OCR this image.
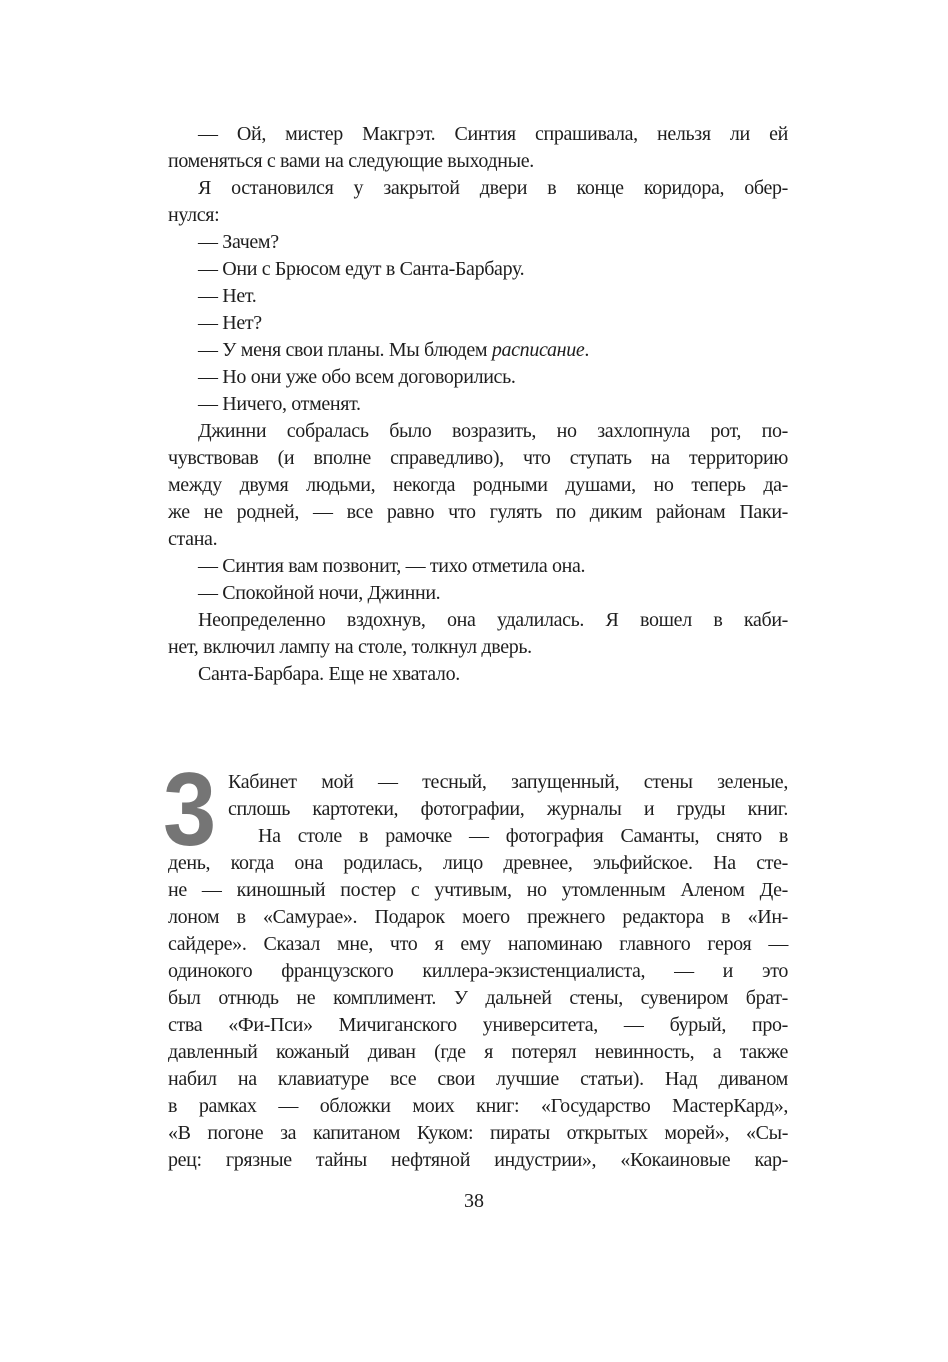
— Ой, мистер Макгрэт. Синтия спрашивала, нельзя ли ей
поменяться с вами на следующие выходные.
Я остановился у закрытой двери в конце коридора, обер-
нулся:
— Зачем?
— Они с Брюсом едут в Санта-Барбару.
— Нет.
— Нет?
— У меня свои планы. Мы блюдем расписание.
— Но они уже обо всем договорились.
— Ничего, отменят.
Джинни собралась было возразить, но захлопнула рот, по-
чувствовав (и вполне справедливо), что ступать на территорию
между двумя людьми, некогда родными душами, но теперь да-
же не родней, — все равно что гулять по диким районам Паки-
стана.
— Синтия вам позвонит, — тихо отметила она.
— Спокойной ночи, Джинни.
Неопределенно вздохнув, она удалилась. Я вошел в каби-
нет, включил лампу на столе, толкнул дверь.
Санта-Барбара. Еще не хватало.
3 Кабинет мой — тесный, запущенный, стены зеленые,
сплошь картотеки, фотографии, журналы и груды книг.
На столе в рамочке — фотография Саманты, снято в
день, когда она родилась, лицо древнее, эльфийское. На сте-
не — киношный постер с учтивым, но утомленным Аленом Де-
лоном в «Самурае». Подарок моего прежнего редактора в «Ин-
сайдере». Сказал мне, что я ему напоминаю главного героя —
одинокого французского киллера-экзистенциалиста, — и это
был отнюдь не комплимент. У дальней стены, сувениром брат-
ства «Фи-Пси» Мичиганского университета, — бурый, про-
давленный кожаный диван (где я потерял невинность, а также
набил на клавиатуре все свои лучшие статьи). Над диваном
в рамках — обложки моих книг: «Государство МастерКард»,
«В погоне за капитаном Куком: пираты открытых морей», «Сы-
рец: грязные тайны нефтяной индустрии», «Кокаиновые кар-
38
